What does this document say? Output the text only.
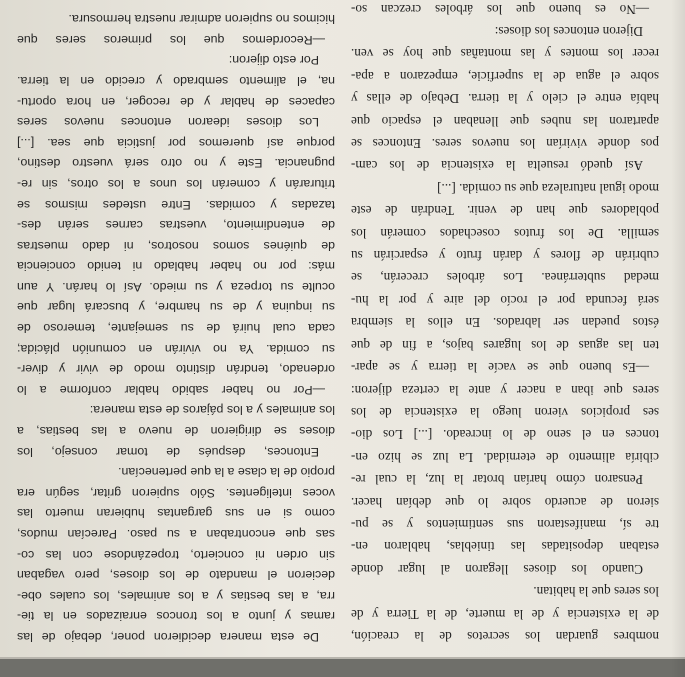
nombres guardan los secretos de la creación,
de la existencia y de la muerte, de la Tierra y de
los seres que la habitan.
Cuando los dioses llegaron al lugar donde
estaban depositadas las tinieblas, hablaron en-
tre sí, manifestaron sus sentimientos y se pu-
sieron de acuerdo sobre lo que debían hacer.
Pensaron cómo harían brotar la luz, la cual re-
cibiría alimento de eternidad. La luz se hizo en-
tonces en el seno de lo increado. [...] Los dio-
ses propicios vieron luego la existencia de los
seres que iban a nacer y ante la certeza dijeron:
—Es bueno que se vacíe la tierra y se apar-
ten las aguas de los lugares bajos, a fin de que
éstos puedan ser labrados. En ellos la siembra
será fecunda por el rocío del aire y por la hu-
medad subterránea. Los árboles crecerán, se
cubrirán de flores y darán fruto y esparcirán su
semilla. De los frutos cosechados comerán los
pobladores que han de venir. Tendrán de este
modo igual naturaleza que su comida. [...]
Así quedó resuelta la existencia de los cam-
pos donde vivirían los nuevos seres. Entonces se
apartaron las nubes que llenaban el espacio que
había entre el cielo y la tierra. Debajo de ellas y
sobre el agua de la superficie, empezaron a apa-
recer los montes y las montañas que hoy se ven.
Dijeron entonces los dioses:
—No es bueno que los árboles crezcan so-
De esta manera decidieron poner, debajo de las
ramas y junto a los troncos enraizados en la tie-
rra, a las bestias y a los animales, los cuales obe-
decieron el mandato de los dioses, pero vagaban
sin orden ni concierto, tropezándose con las co-
sas que encontraban a su paso. Parecían mudos,
como si en sus gargantas hubieran muerto las
voces inteligentes. Sólo supieron gritar, según era
propio de la clase a la que pertenecían.
Entonces, después de tomar consejo, los
dioses se dirigieron de nuevo a las bestias, a
los animales y a los pájaros de esta manera:
—Por no haber sabido hablar conforme a lo
ordenado, tendrán distinto modo de vivir y diver-
su comida. Ya no vivirán en comunión plácida;
cada cual huirá de su semejante, temeroso de
su inquina y de su hambre, y buscará lugar que
oculte su torpeza y su miedo. Así lo harán. Y aun
más: por no haber hablado ni tenido conciencia
de quiénes somos nosotros, ni dado muestras
de entendimiento, vuestras carnes serán des-
tazadas y comidas. Entre ustedes mismos se
triturarán y comerán los unos a los otros, sin re-
pugnancia. Este y no otro será vuestro destino,
porque así queremos por justicia que sea. [...]
Los dioses idearon entonces nuevos seres
capaces de hablar y de recoger, en hora oportu-
na, el alimento sembrado y crecido en la tierra.
Por esto dijeron:
—Recordemos que los primeros seres que
hicimos no supieron admirar nuestra hermosura.
